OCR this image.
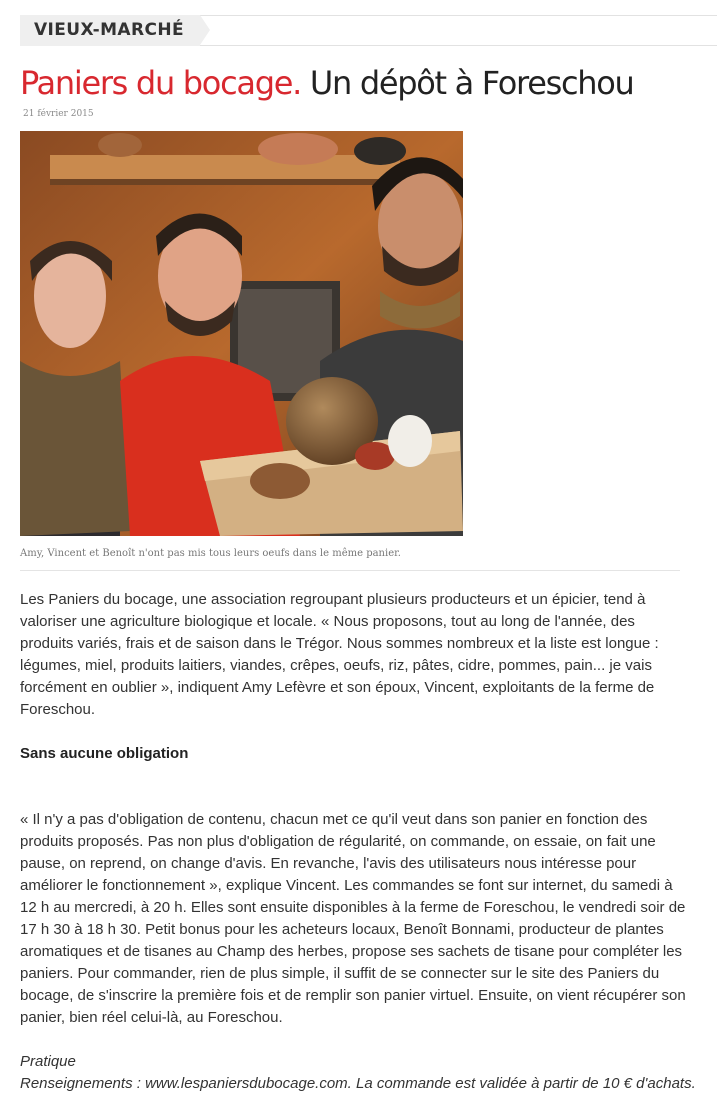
VIEUX-MARCHÉ
Paniers du bocage. Un dépôt à Foreschou
21 février 2015
Amy, Vincent et Benoît n'ont pas mis tous leurs oeufs dans le même panier.
Les Paniers du bocage, une association regroupant plusieurs producteurs et un épicier, tend à valoriser une agriculture biologique et locale. « Nous proposons, tout au long de l'année, des produits variés, frais et de saison dans le Trégor. Nous sommes nombreux et la liste est longue : légumes, miel, produits laitiers, viandes, crêpes, oeufs, riz, pâtes, cidre, pommes, pain... je vais forcément en oublier », indiquent Amy Lefèvre et son époux, Vincent, exploitants de la ferme de Foreschou.
Sans aucune obligation
« Il n'y a pas d'obligation de contenu, chacun met ce qu'il veut dans son panier en fonction des produits proposés. Pas non plus d'obligation de régularité, on commande, on essaie, on fait une pause, on reprend, on change d'avis. En revanche, l'avis des utilisateurs nous intéresse pour améliorer le fonctionnement », explique Vincent. Les commandes se font sur internet, du samedi à 12 h au mercredi, à 20 h. Elles sont ensuite disponibles à la ferme de Foreschou, le vendredi soir de 17 h 30 à 18 h 30. Petit bonus pour les acheteurs locaux, Benoît Bonnami, producteur de plantes aromatiques et de tisanes au Champ des herbes, propose ses sachets de tisane pour compléter les paniers. Pour commander, rien de plus simple, il suffit de se connecter sur le site des Paniers du bocage, de s'inscrire la première fois et de remplir son panier virtuel. Ensuite, on vient récupérer son panier, bien réel celui-là, au Foreschou.
Pratique
Renseignements : www.lespaniersdubocage.com. La commande est validée à partir de 10 € d'achats.
